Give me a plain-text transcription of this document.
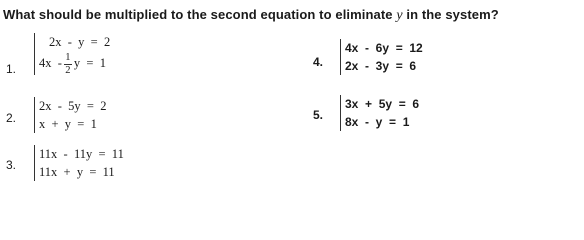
What should be multiplied to the second equation to eliminate y in the system?
1.
2x  -  y  =  2
$4x - \frac{1}{2}$ y  =  1
2.
2x  -  5y  =  2
x  +  y  =  1
3.
11x  -  11y  =  11
11x  +  y  =  11
4.
4x  -  6y  =  12
2x  -  3y  =  6
5.
3x  +  5y  =  6
8x  -  y  =  1
